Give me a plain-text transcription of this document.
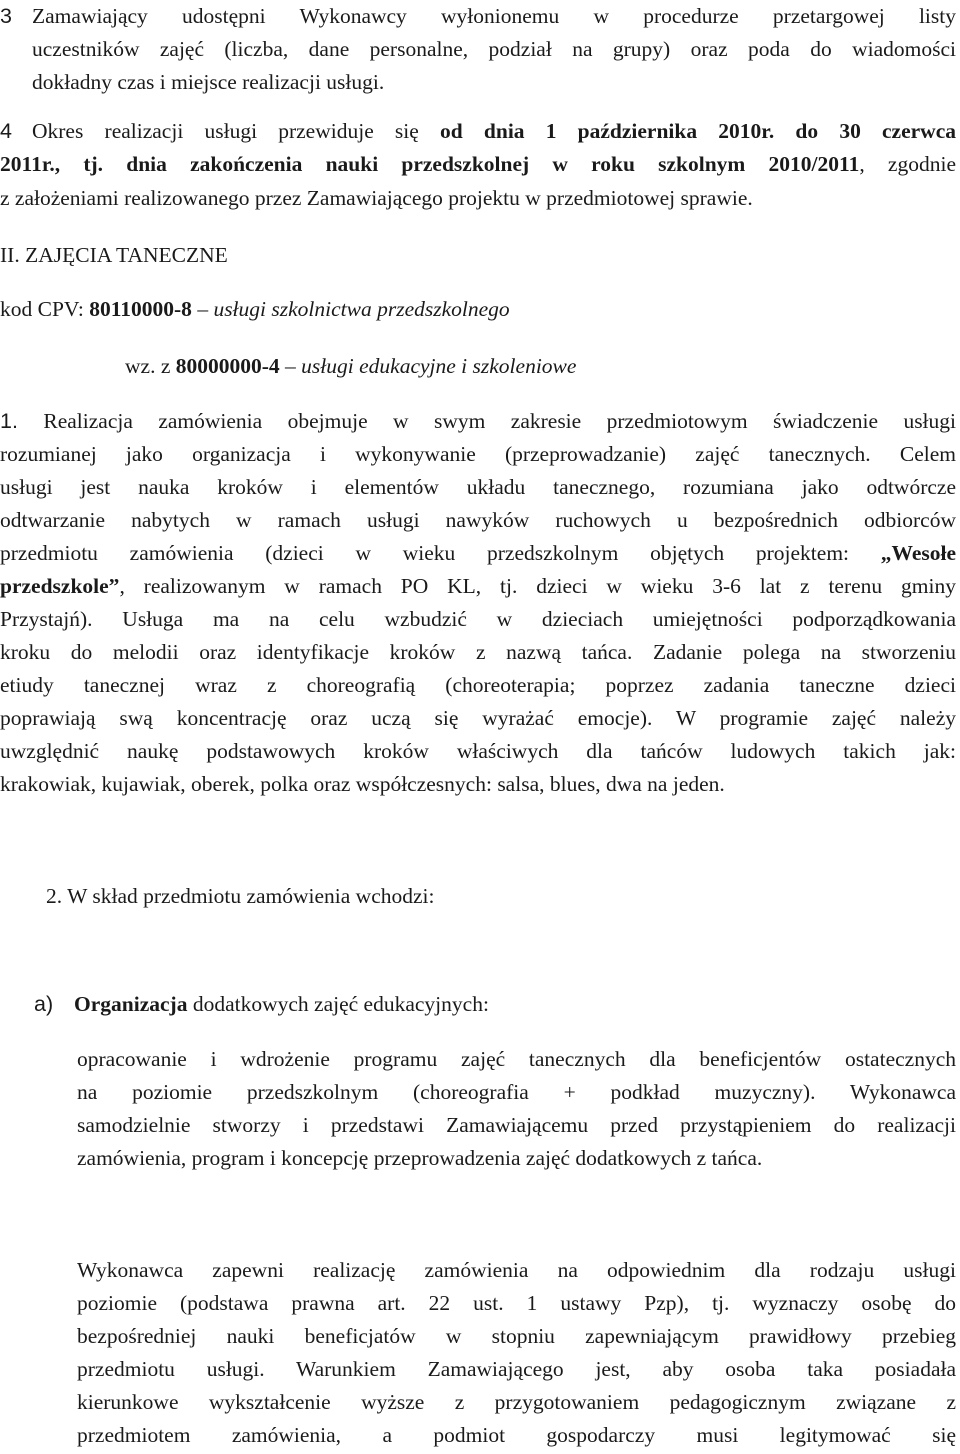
3 Zamawiający udostępni Wykonawcy wyłonionemu w procedurze przetargowej listy
uczestników zajęć (liczba, dane personalne, podział na grupy) oraz poda do wiadomości
dokładny czas i miejsce realizacji usługi.
4 Okres realizacji usługi przewiduje się od dnia 1 października 2010r. do 30 czerwca
2011r., tj. dnia zakończenia nauki przedszkolnej w roku szkolnym 2010/2011, zgodnie
z założeniami realizowanego przez Zamawiającego projektu w przedmiotowej sprawie.
II. ZAJĘCIA TANECZNE
kod CPV: 80110000-8 – usługi szkolnictwa przedszkolnego
wz. z 80000000-4 – usługi edukacyjne i szkoleniowe
1. Realizacja zamówienia obejmuje w swym zakresie przedmiotowym świadczenie usługi
rozumianej jako organizacja i wykonywanie (przeprowadzanie) zajęć tanecznych. Celem
usługi jest nauka kroków i elementów układu tanecznego, rozumiana jako odtwórcze
odtwarzanie nabytych w ramach usługi nawyków ruchowych u bezpośrednich odbiorców
przedmiotu zamówienia (dzieci w wieku przedszkolnym objętych projektem: „Wesołe
przedszkole”, realizowanym w ramach PO KL, tj. dzieci w wieku 3-6 lat z terenu gminy
Przystajń). Usługa ma na celu wzbudzić w dzieciach umiejętności podporządkowania
kroku do melodii oraz identyfikacje kroków z nazwą tańca. Zadanie polega na stworzeniu
etiudy tanecznej wraz z choreografią (choreoterapia; poprzez zadania taneczne dzieci
poprawiają swą koncentrację oraz uczą się wyrażać emocje). W programie zajęć należy
uwzględnić naukę podstawowych kroków właściwych dla tańców ludowych takich jak:
krakowiak, kujawiak, oberek, polka oraz współczesnych: salsa, blues, dwa na jeden.
2. W skład przedmiotu zamówienia wchodzi:
a) Organizacja dodatkowych zajęć edukacyjnych:
opracowanie i wdrożenie programu zajęć tanecznych dla beneficjentów ostatecznych
na poziomie przedszkolnym (choreografia + podkład muzyczny). Wykonawca
samodzielnie stworzy i przedstawi Zamawiającemu przed przystąpieniem do realizacji
zamówienia, program i koncepcję przeprowadzenia zajęć dodatkowych z tańca.
Wykonawca zapewni realizację zamówienia na odpowiednim dla rodzaju usługi
poziomie (podstawa prawna art. 22 ust. 1 ustawy Pzp), tj. wyznaczy osobę do
bezpośredniej nauki beneficjatów w stopniu zapewniającym prawidłowy przebieg
przedmiotu usługi. Warunkiem Zamawiającego jest, aby osoba taka posiadała
kierunkowe wykształcenie wyższe z przygotowaniem pedagogicznym związane z
przedmiotem zamówienia, a podmiot gospodarczy musi legitymować się
